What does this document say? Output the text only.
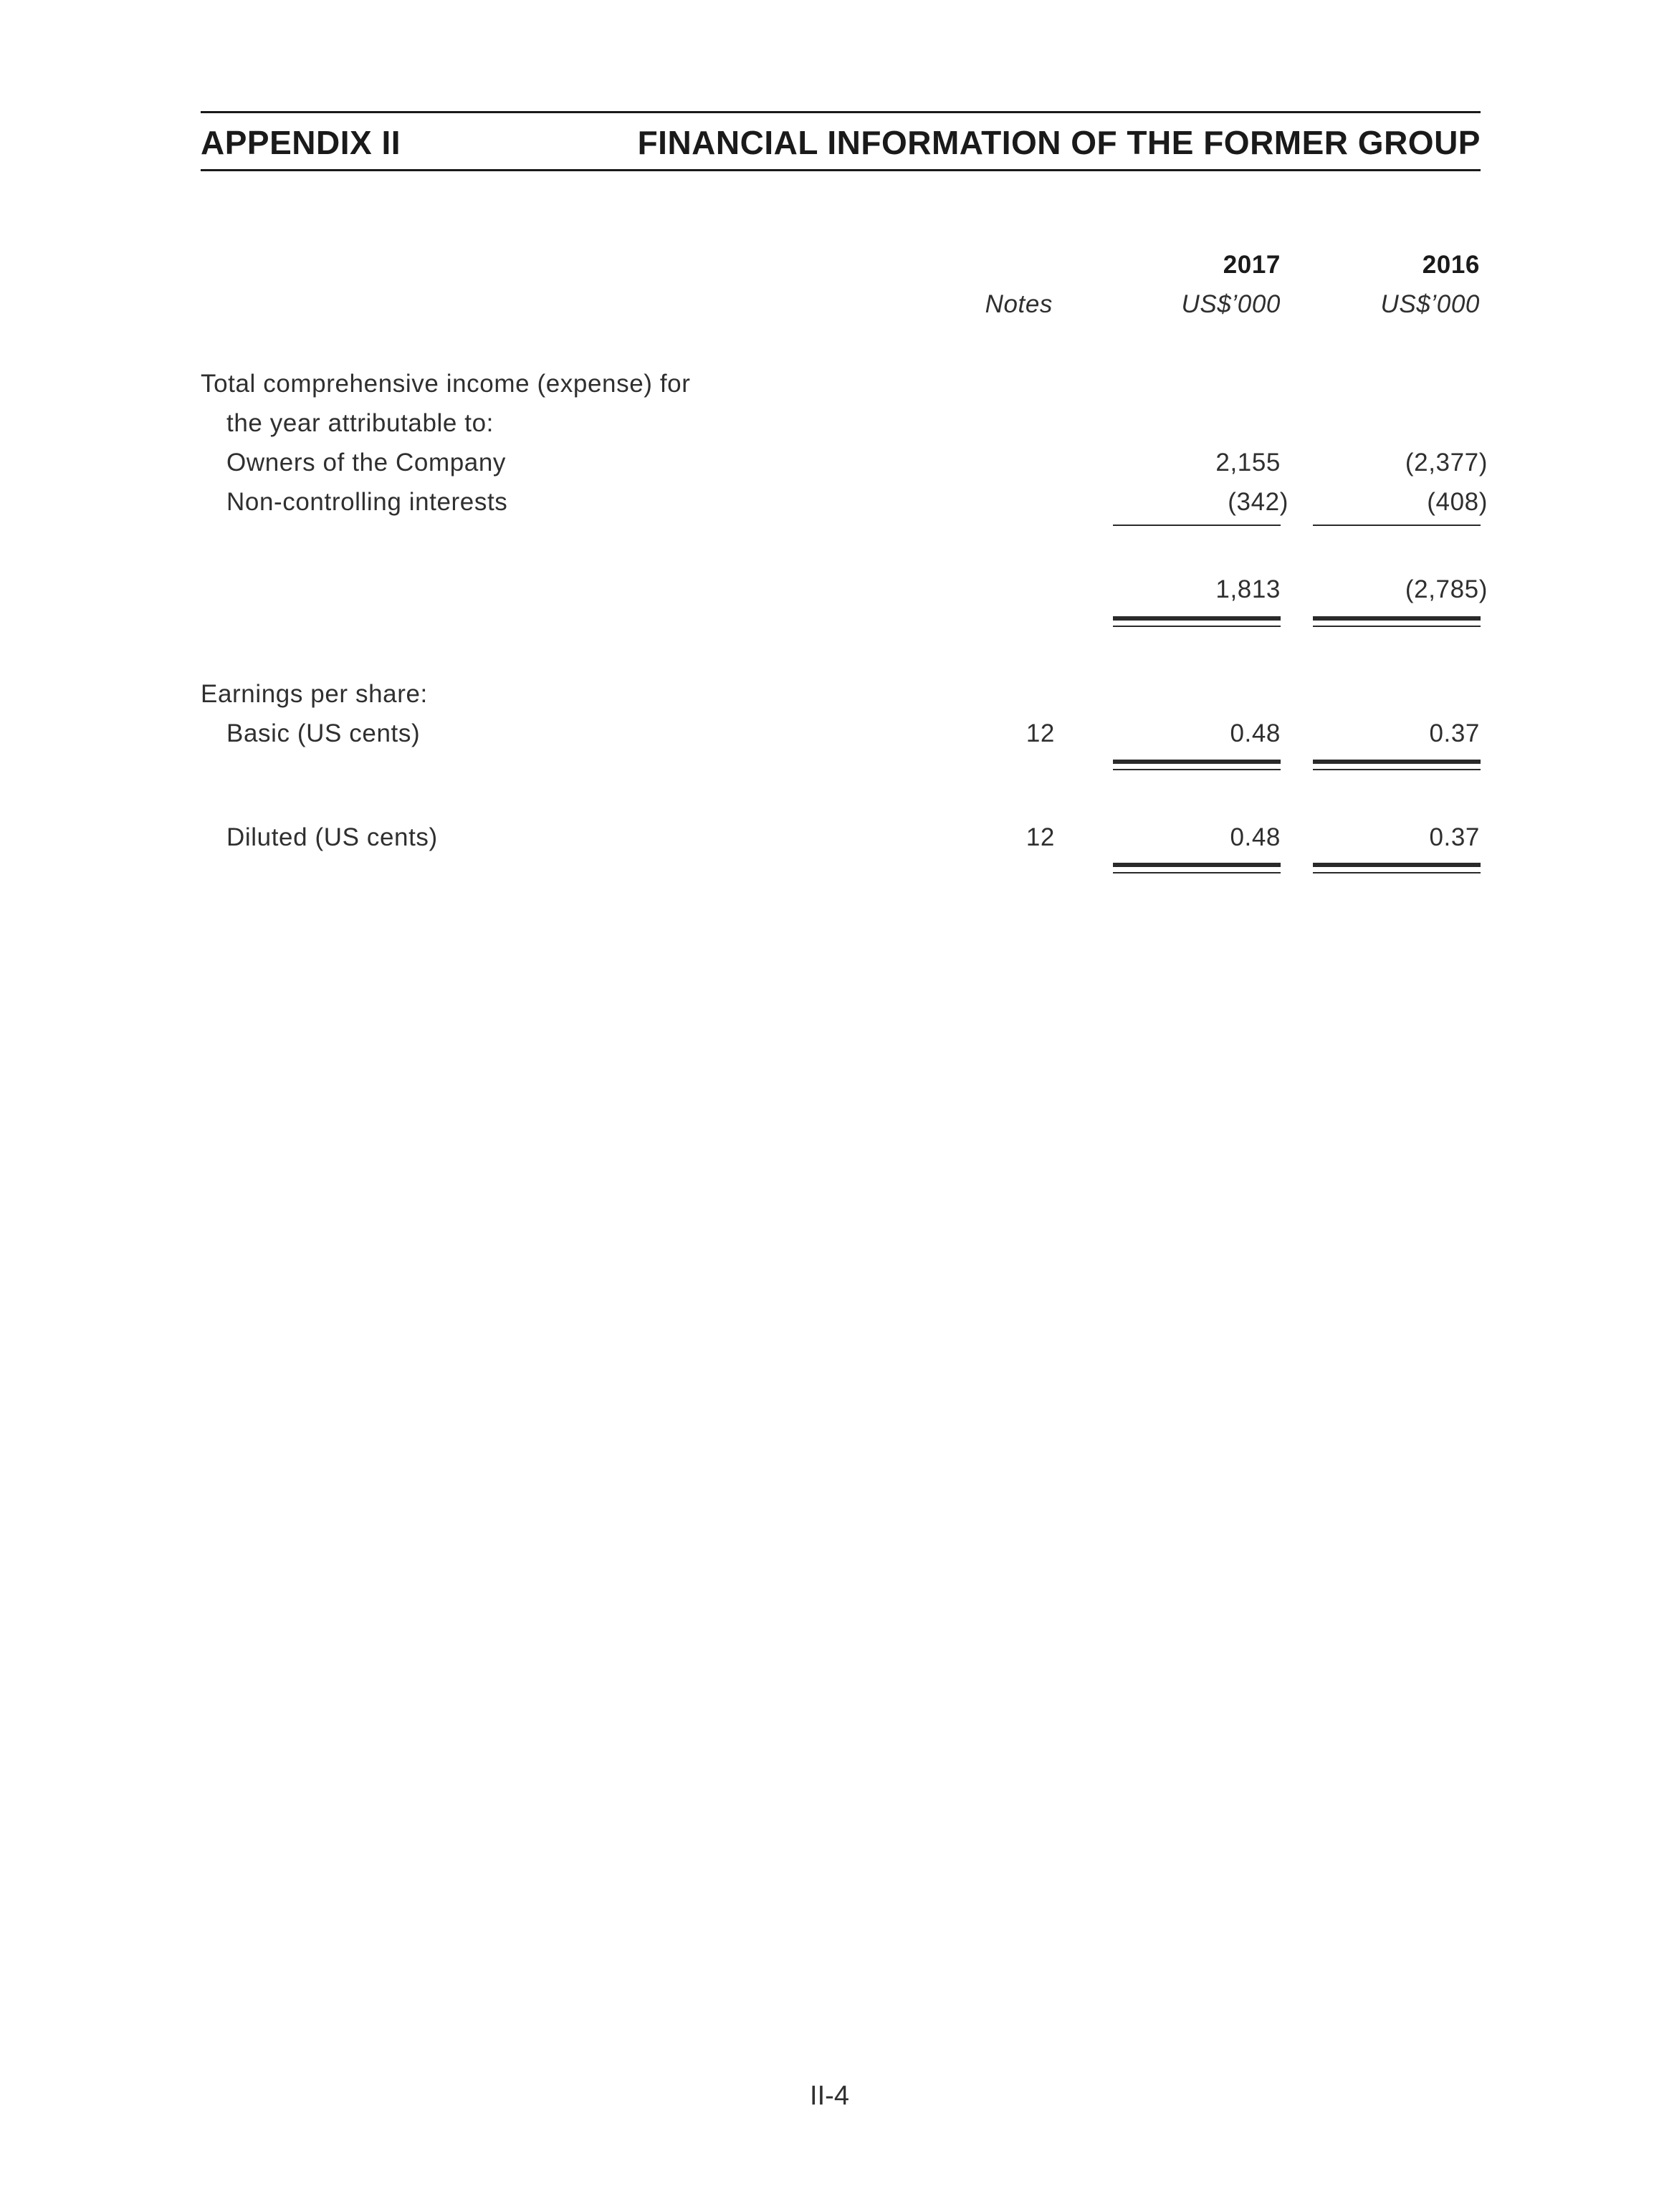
APPENDIX II	FINANCIAL INFORMATION OF THE FORMER GROUP
2017	2016
Notes	US$’000	US$’000
Total comprehensive income (expense) for
the year attributable to:
Owners of the Company	2,155	(2,377)
Non-controlling interests	(342)	(408)
1,813	(2,785)
Earnings per share:
Basic (US cents)	12	0.48	0.37
Diluted (US cents)	12	0.48	0.37
II-4
